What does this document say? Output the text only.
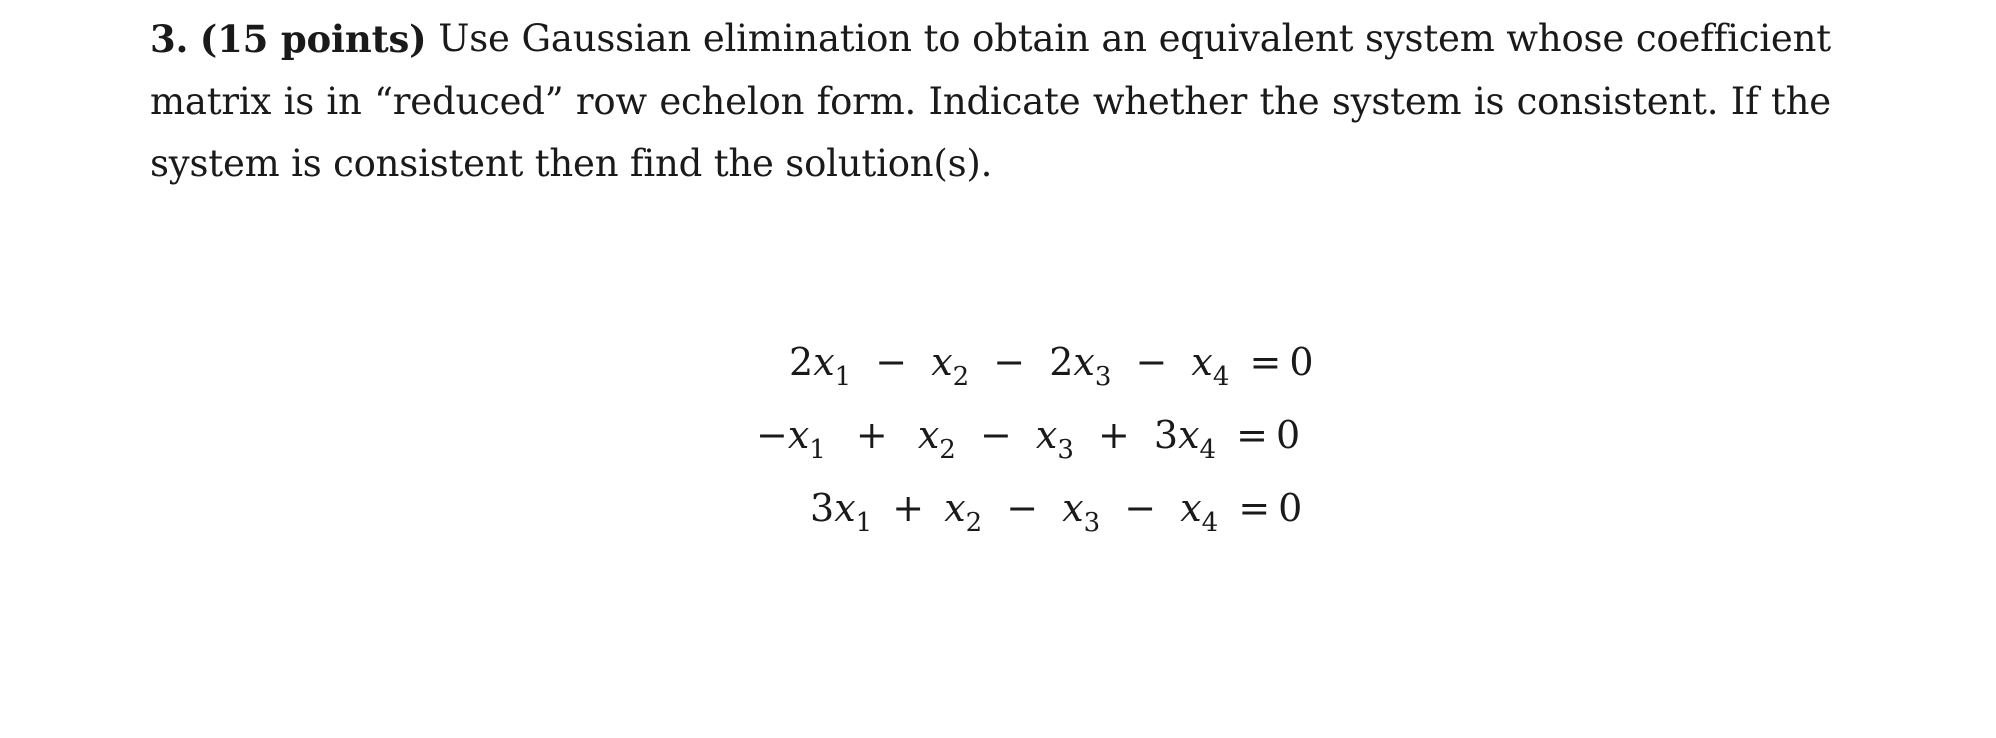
3. (15 points) Use Gaussian elimination to obtain an equivalent system whose coefficient
matrix is in “reduced” row echelon form. Indicate whether the system is consistent. If the
system is consistent then find the solution(s).
$2x_1 - x_2 - 2x_3 - x_4 = 0$
$-x_1 + x_2 - x_3 + 3x_4 = 0$
$3x_1 + x_2 - x_3 - x_4 = 0$
